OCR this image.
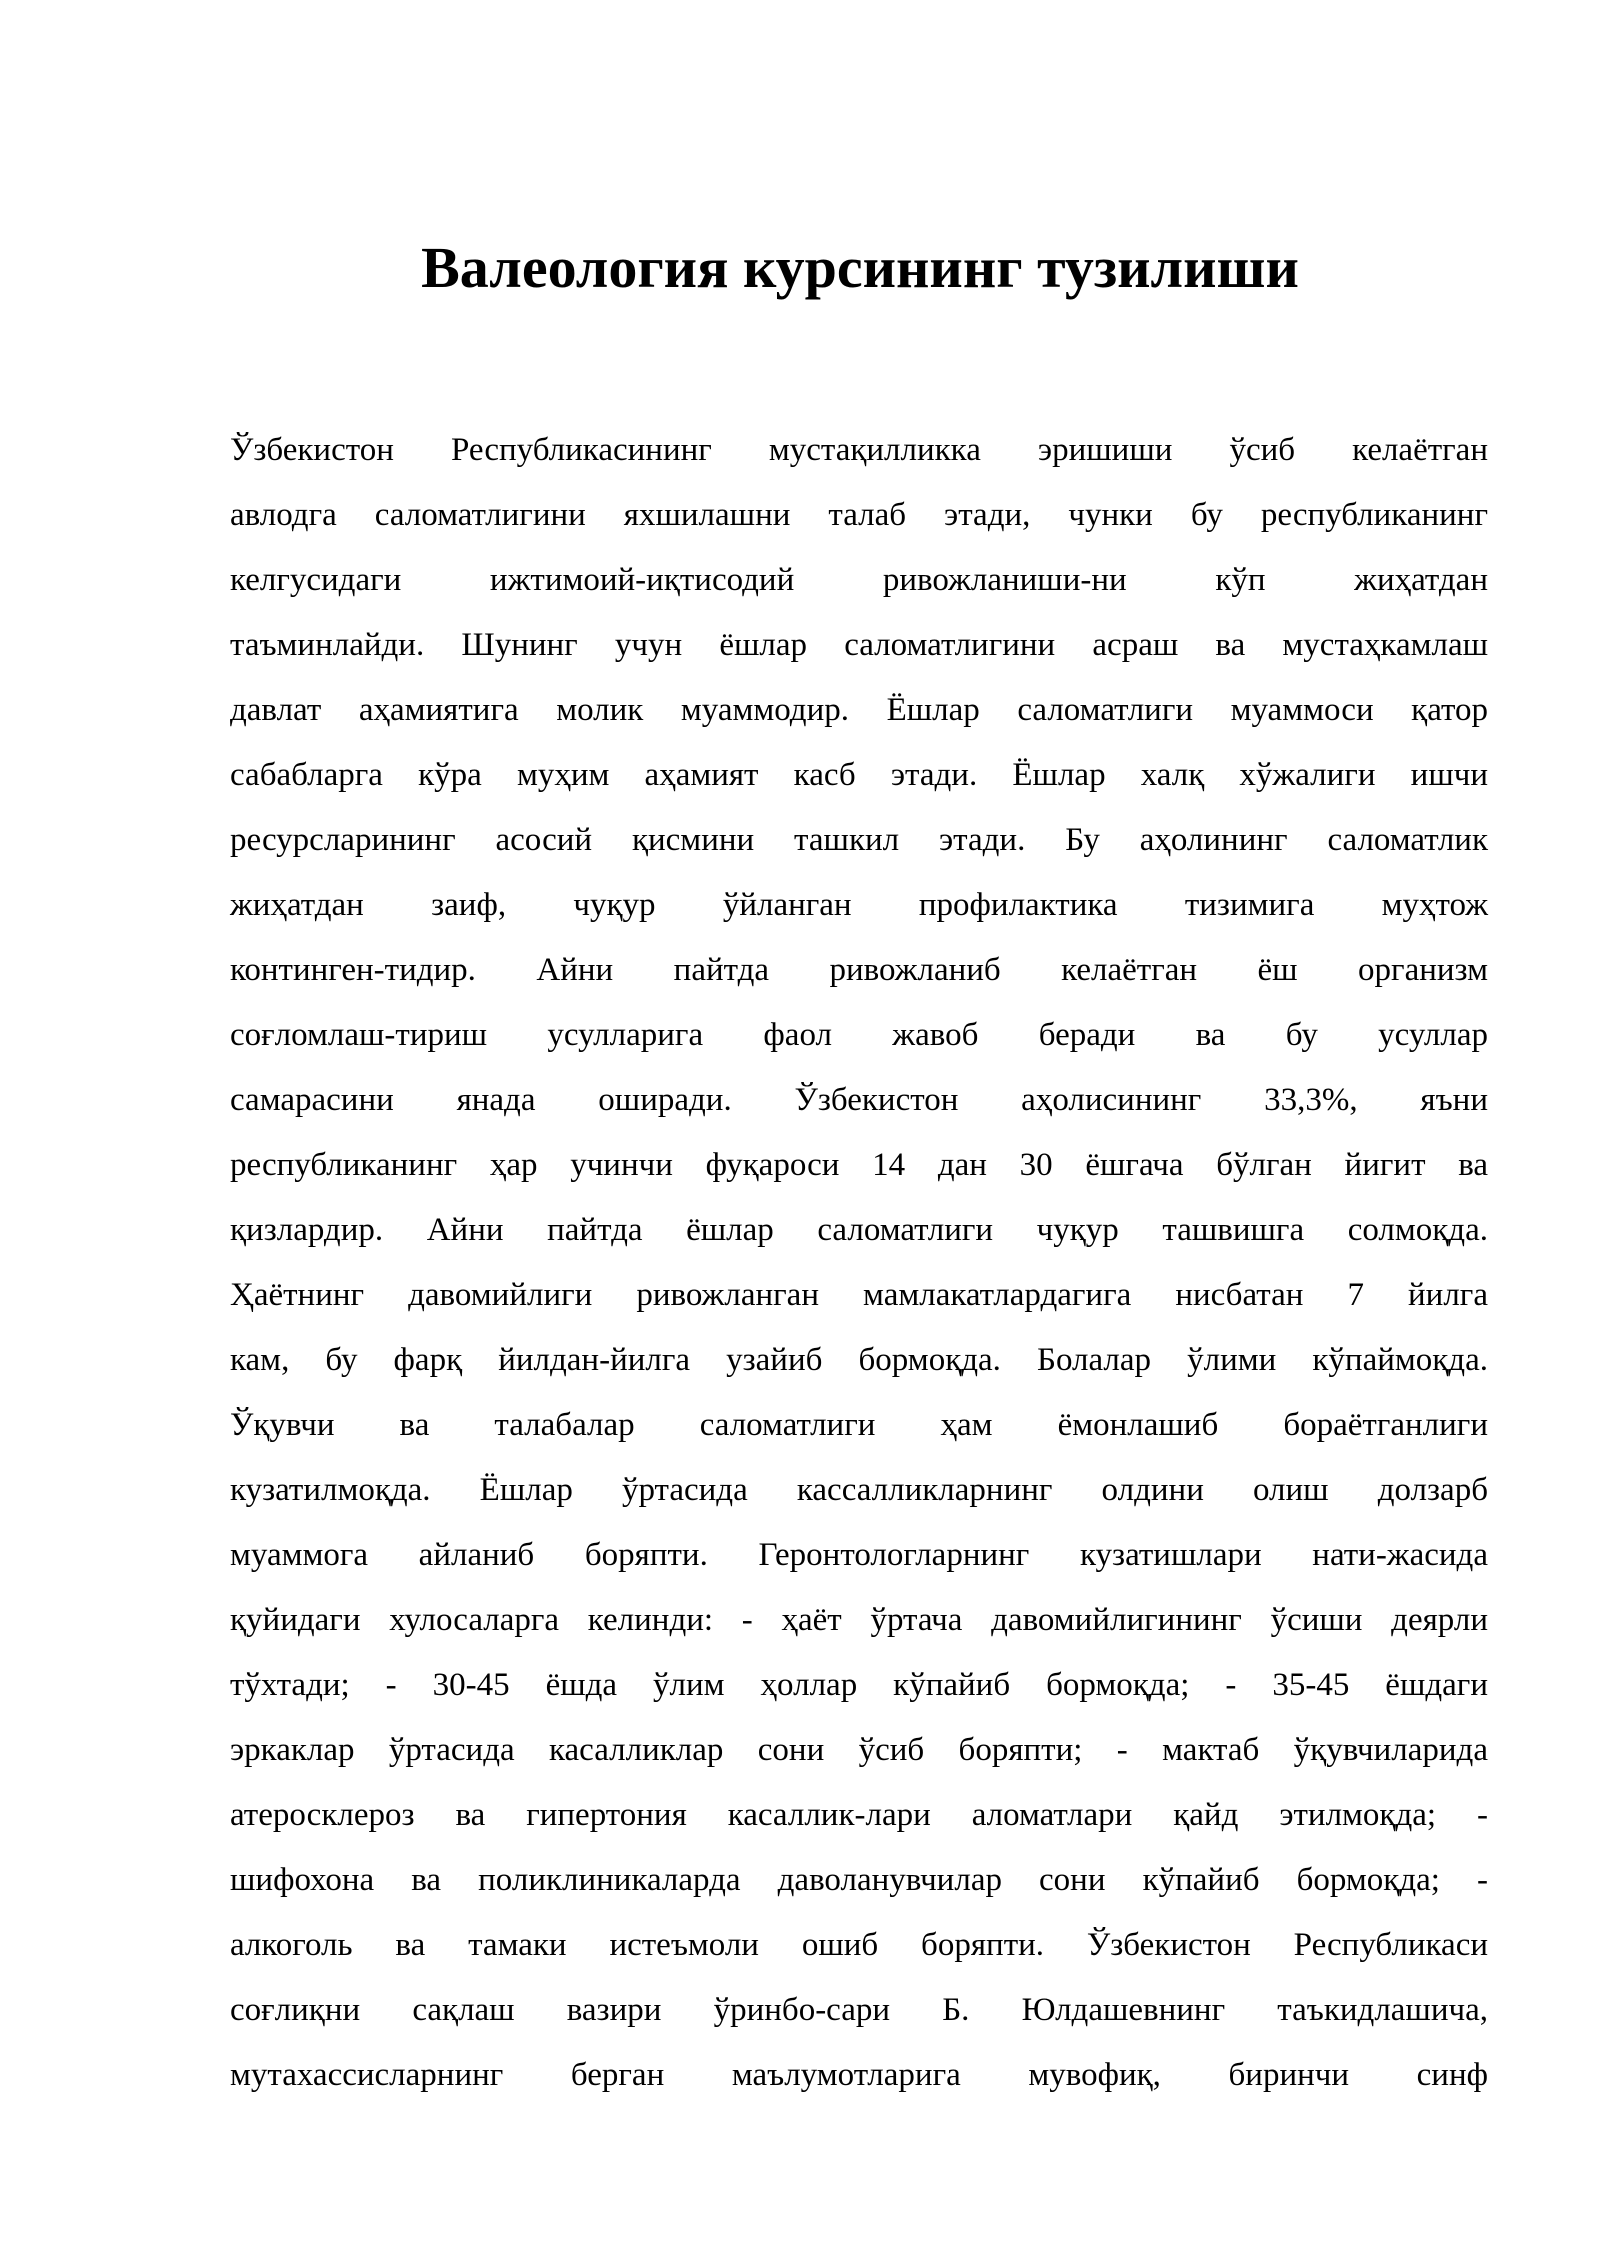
Валеология курсининг тузилиши
Ўзбекистон Республикасининг мустақилликка эришиши ўсиб келаётган
авлодга саломатлигини яхшилашни талаб этади, чунки бу республиканинг
келгусидаги ижтимоий-иқтисодий ривожланиши-ни кўп жиҳатдан
таъминлайди. Шунинг учун ёшлар саломатлигини асраш ва мустаҳкамлаш
давлат аҳамиятига молик муаммодир. Ёшлар саломатлиги муаммоси қатор
сабабларга кўра муҳим аҳамият касб этади. Ёшлар халқ хўжалиги ишчи
ресурсларининг асосий қисмини ташкил этади. Бу аҳолининг саломатлик
жиҳатдан заиф, чуқур ўйланган профилактика тизимига муҳтож
континген-тидир. Айни пайтда ривожланиб келаётган ёш организм
соғломлаш-тириш усулларига фаол жавоб беради ва бу усуллар
самарасини янада оширади. Ўзбекистон аҳолисининг 33,3%, яъни
республиканинг ҳар учинчи фуқароси 14 дан 30 ёшгача бўлган йигит ва
қизлардир. Айни пайтда ёшлар саломатлиги чуқур ташвишга солмоқда.
Ҳаётнинг давомийлиги ривожланган мамлакатлардагига нисбатан 7 йилга
кам, бу фарқ йилдан-йилга узайиб бормоқда. Болалар ўлими кўпаймоқда.
Ўқувчи ва талабалар саломатлиги ҳам ёмонлашиб бораётганлиги
кузатилмоқда. Ёшлар ўртасида кассалликларнинг олдини олиш долзарб
муаммога айланиб боряпти. Геронтологларнинг кузатишлари нати-жасида
қуйидаги хулосаларга келинди: - ҳаёт ўртача давомийлигининг ўсиши деярли
тўхтади; - 30-45 ёшда ўлим ҳоллар кўпайиб бормоқда; - 35-45 ёшдаги
эркаклар ўртасида касалликлар сони ўсиб боряпти; - мактаб ўқувчиларида
атеросклероз ва гипертония касаллик-лари аломатлари қайд этилмоқда; -
шифохона ва поликлиникаларда даволанувчилар сони кўпайиб бормоқда; -
алкоголь ва тамаки истеъмоли ошиб боряпти. Ўзбекистон Республикаси
соғлиқни сақлаш вазири ўринбо-сари Б. Юлдашевнинг таъкидлашича,
мутахассисларнинг берган маълумотларига мувофиқ, биринчи синф
